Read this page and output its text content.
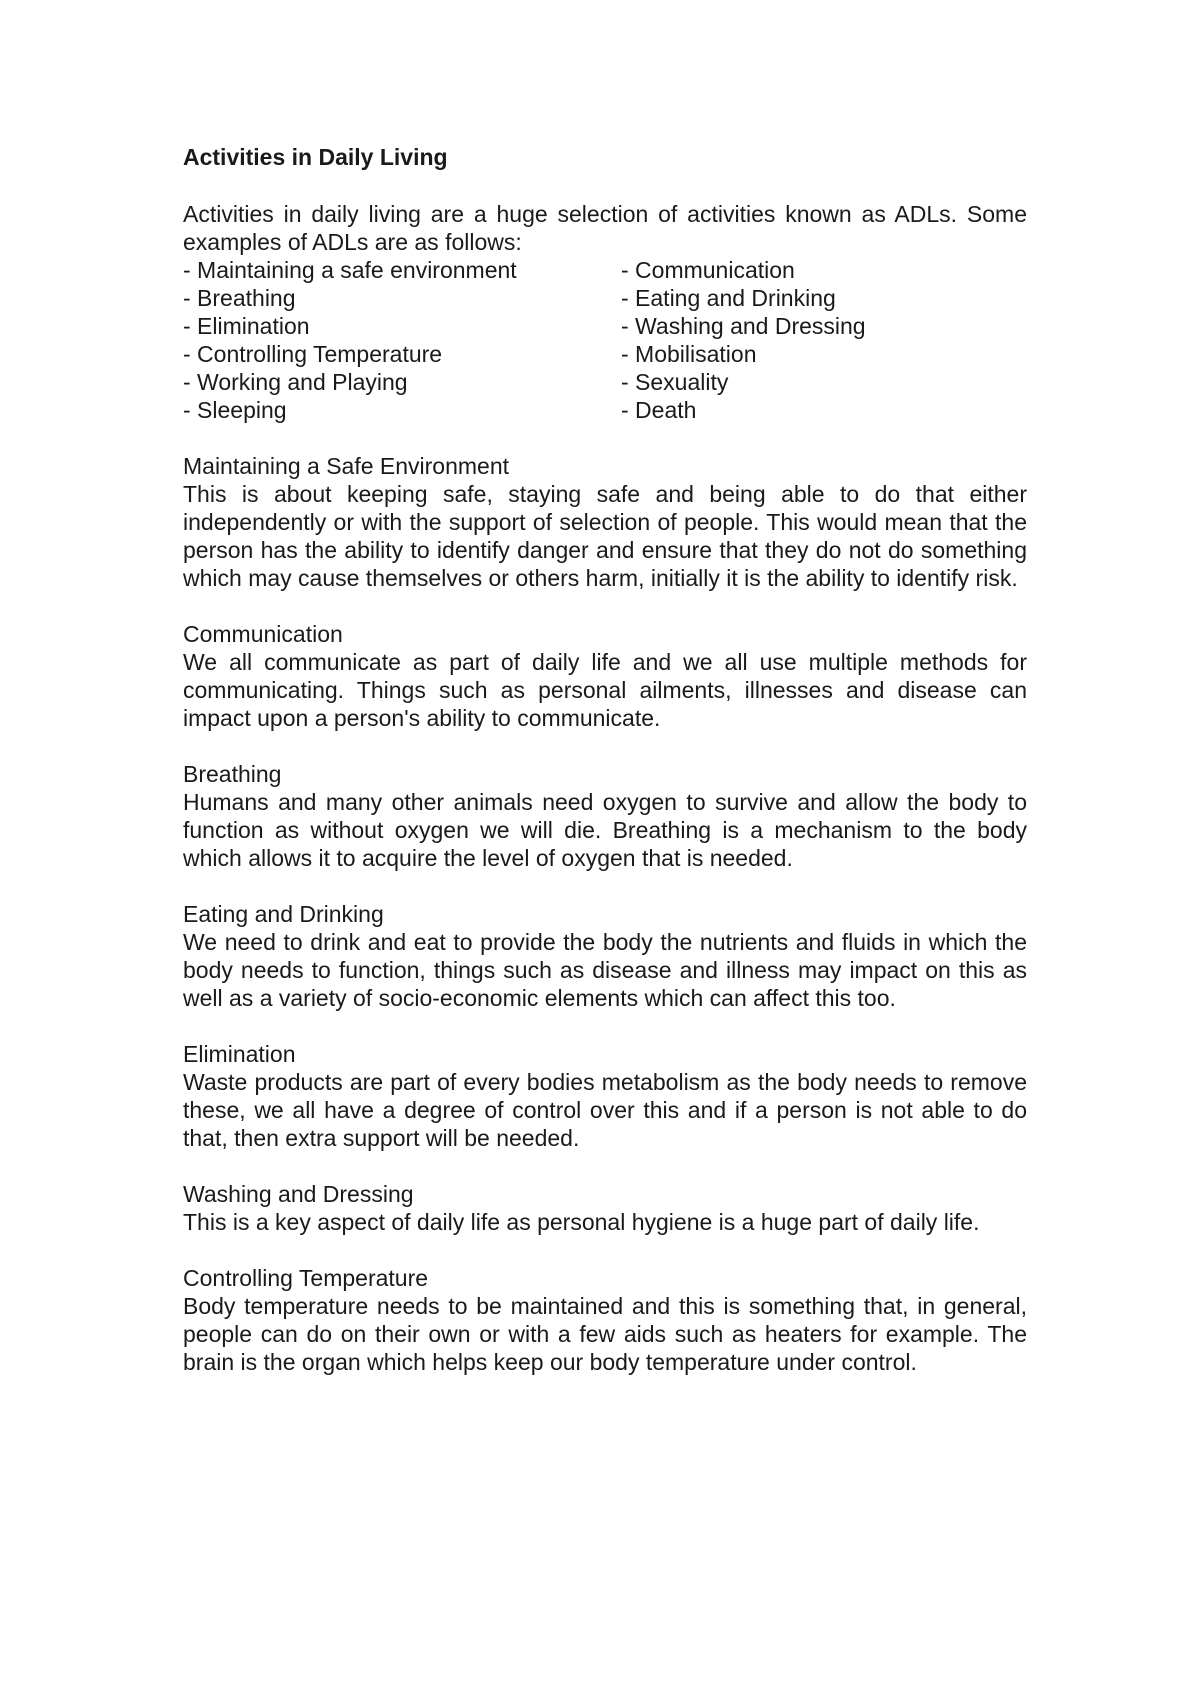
Activities in Daily Living

Activities in daily living are a huge selection of activities known as ADLs. Some examples of ADLs are as follows:

- Maintaining a safe environment	- Communication
- Breathing	- Eating and Drinking
- Elimination	- Washing and Dressing
- Controlling Temperature	- Mobilisation
- Working and Playing	- Sexuality
- Sleeping	- Death

Maintaining a Safe Environment

This is about keeping safe, staying safe and being able to do that either independently or with the support of selection of people. This would mean that the person has the ability to identify danger and ensure that they do not do something which may cause themselves or others harm, initially it is the ability to identify risk.

Communication

We all communicate as part of daily life and we all use multiple methods for communicating. Things such as personal ailments, illnesses and disease can impact upon a person's ability to communicate.

Breathing

Humans and many other animals need oxygen to survive and allow the body to function as without oxygen we will die. Breathing is a mechanism to the body which allows it to acquire the level of oxygen that is needed.

Eating and Drinking

We need to drink and eat to provide the body the nutrients and fluids in which the body needs to function, things such as disease and illness may impact on this as well as a variety of socio-economic elements which can affect this too.

Elimination

Waste products are part of every bodies metabolism as the body needs to remove these, we all have a degree of control over this and if a person is not able to do that, then extra support will be needed.

Washing and Dressing

This is a key aspect of daily life as personal hygiene is a huge part of daily life.

Controlling Temperature

Body temperature needs to be maintained and this is something that, in general, people can do on their own or with a few aids such as heaters for example. The brain is the organ which helps keep our body temperature under control.
